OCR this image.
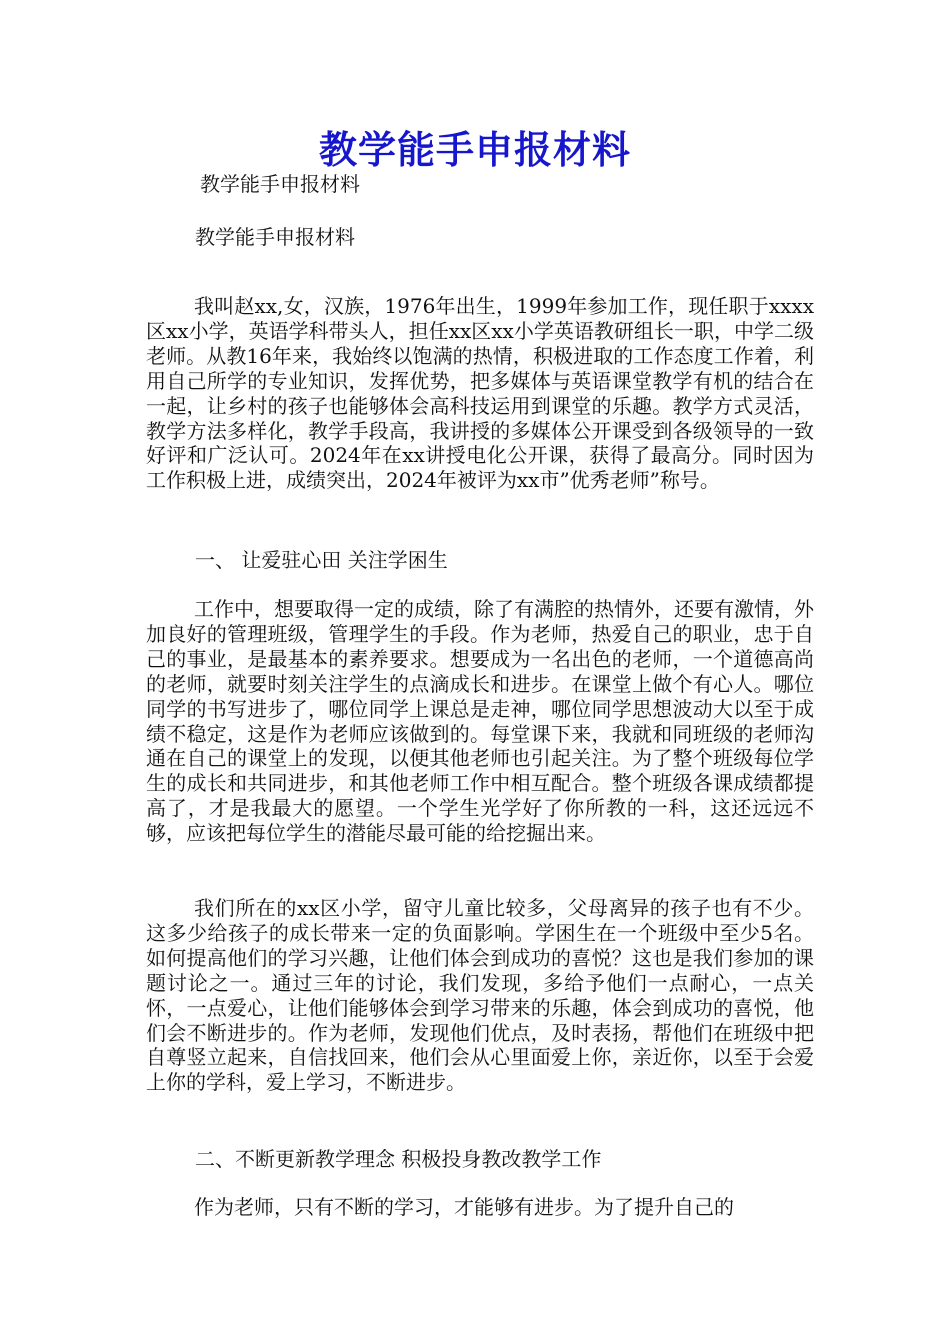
教学能手申报材料
教学能手申报材料
教学能手申报材料
我叫赵xx,女，汉族，1976年出生，1999年参加工作，现任职于xxxx区xx小学，英语学科带头人，担任xx区xx小学英语教研组长一职，中学二级老师。从教16年来，我始终以饱满的热情，积极进取的工作态度工作着，利用自己所学的专业知识，发挥优势，把多媒体与英语课堂教学有机的结合在一起，让乡村的孩子也能够体会高科技运用到课堂的乐趣。教学方式灵活，教学方法多样化，教学手段高，我讲授的多媒体公开课受到各级领导的一致好评和广泛认可。2024年在xx讲授电化公开课，获得了最高分。同时因为工作积极上进，成绩突出，2024年被评为xx市”优秀老师”称号。
一、 让爱驻心田 关注学困生
工作中，想要取得一定的成绩，除了有满腔的热情外，还要有激情，外加良好的管理班级，管理学生的手段。作为老师，热爱自己的职业，忠于自己的事业，是最基本的素养要求。想要成为一名出色的老师，一个道德高尚的老师，就要时刻关注学生的点滴成长和进步。在课堂上做个有心人。哪位同学的书写进步了，哪位同学上课总是走神，哪位同学思想波动大以至于成绩不稳定，这是作为老师应该做到的。每堂课下来，我就和同班级的老师沟通在自己的课堂上的发现，以便其他老师也引起关注。为了整个班级每位学生的成长和共同进步，和其他老师工作中相互配合。整个班级各课成绩都提高了，才是我最大的愿望。一个学生光学好了你所教的一科，这还远远不够，应该把每位学生的潜能尽最可能的给挖掘出来。
我们所在的xx区小学，留守儿童比较多，父母离异的孩子也有不少。这多少给孩子的成长带来一定的负面影响。学困生在一个班级中至少5名。如何提高他们的学习兴趣，让他们体会到成功的喜悦？这也是我们参加的课题讨论之一。通过三年的讨论，我们发现，多给予他们一点耐心，一点关怀，一点爱心，让他们能够体会到学习带来的乐趣，体会到成功的喜悦，他们会不断进步的。作为老师，发现他们优点，及时表扬，帮他们在班级中把自尊竖立起来，自信找回来，他们会从心里面爱上你，亲近你，以至于会爱上你的学科，爱上学习，不断进步。
二、不断更新教学理念 积极投身教改教学工作
作为老师，只有不断的学习，才能够有进步。为了提升自己的
